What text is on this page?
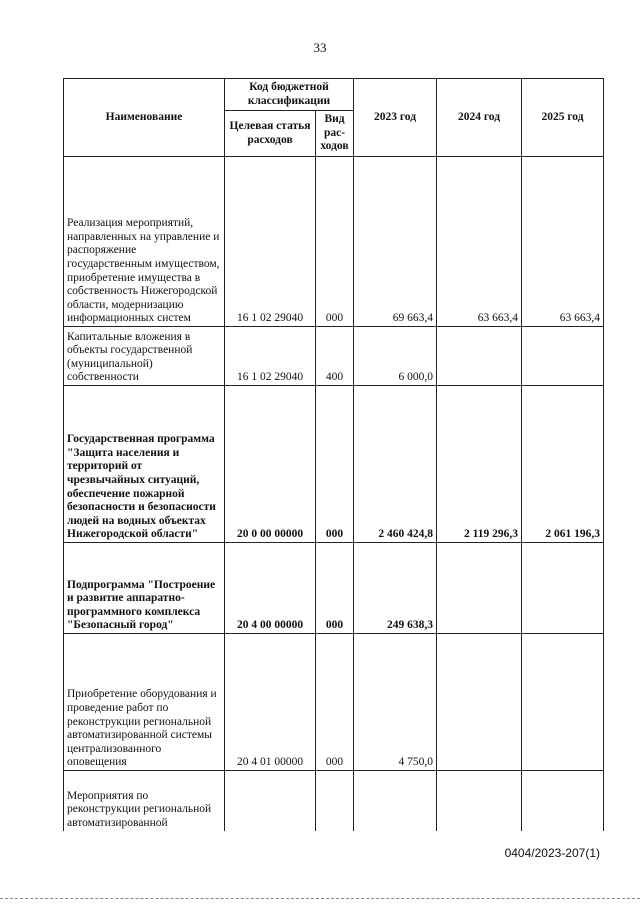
33
Наименование	Код бюджетной классификации		2023 год	2024 год	2025 год
	Целевая статья расходов	Вид рас-ходов			
Реализация мероприятий, направленных на управление и распоряжение государственным имуществом, приобретение имущества в собственность Нижегородской области, модернизацию информационных систем	16 1 02 29040	000	69 663,4	63 663,4	63 663,4
Капитальные вложения в объекты государственной (муниципальной) собственности	16 1 02 29040	400	6 000,0		
Государственная программа "Защита населения и территорий от чрезвычайных ситуаций, обеспечение пожарной безопасности и безопасности людей на водных объектах Нижегородской области"	20 0 00 00000	000	2 460 424,8	2 119 296,3	2 061 196,3
Подпрограмма "Построение и развитие аппаратно-программного комплекса "Безопасный город"	20 4 00 00000	000	249 638,3		
Приобретение оборудования и проведение работ по реконструкции региональной автоматизированной системы централизованного оповещения	20 4 01 00000	000	4 750,0		
Мероприятия по реконструкции региональной автоматизированной					
0404/2023-207(1)
